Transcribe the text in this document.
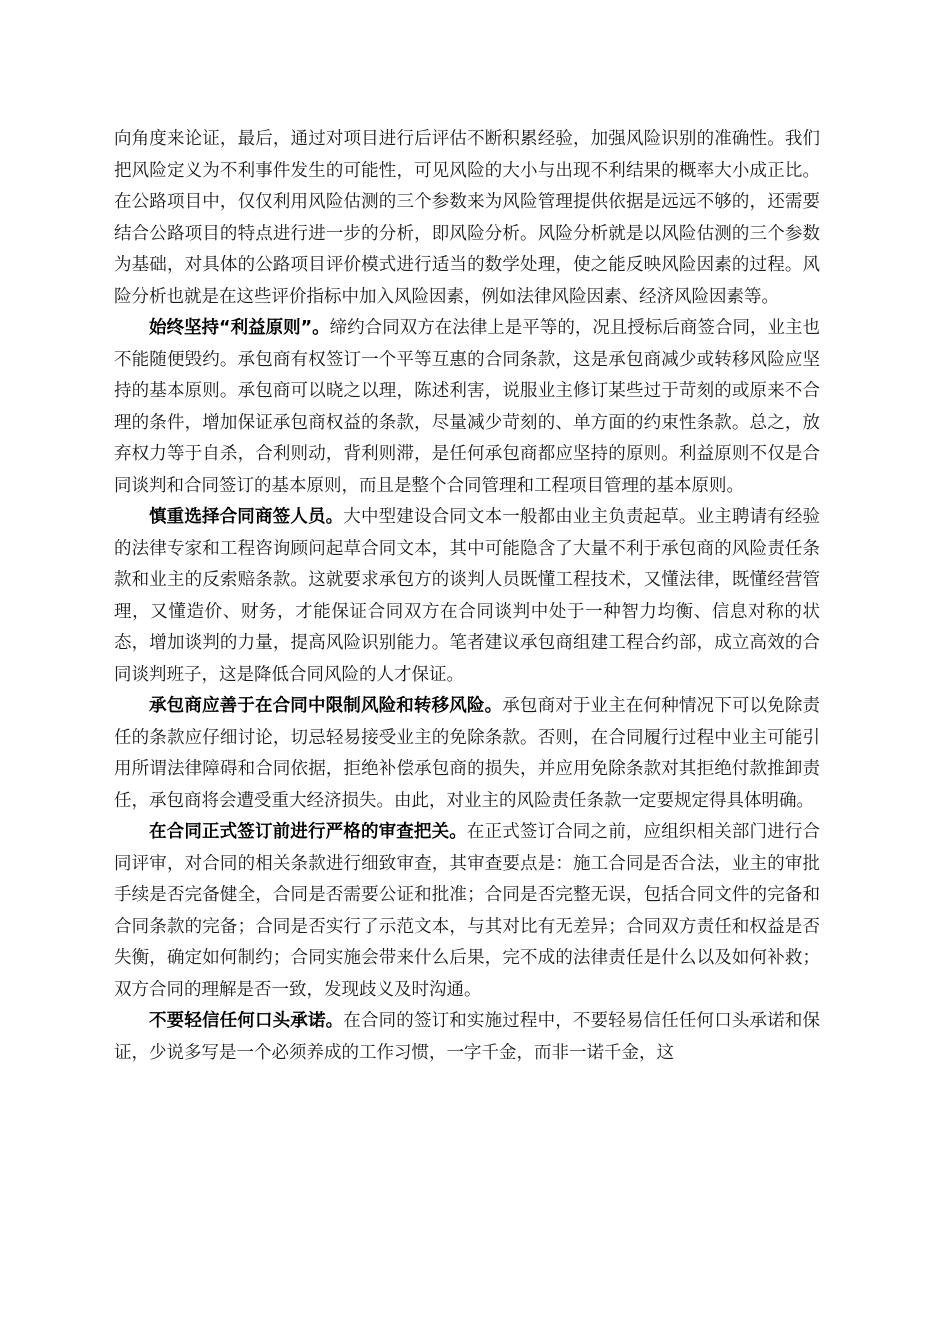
向角度来论证，最后，通过对项目进行后评估不断积累经验，加强风险识别的准确性。我们把风险定义为不利事件发生的可能性，可见风险的大小与出现不利结果的概率大小成正比。在公路项目中，仅仅利用风险估测的三个参数来为风险管理提供依据是远远不够的，还需要结合公路项目的特点进行进一步的分析，即风险分析。风险分析就是以风险估测的三个参数为基础，对具体的公路项目评价模式进行适当的数学处理，使之能反映风险因素的过程。风险分析也就是在这些评价指标中加入风险因素，例如法律风险因素、经济风险因素等。

始终坚持“利益原则”。缔约合同双方在法律上是平等的，况且授标后商签合同，业主也不能随便毁约。承包商有权签订一个平等互惠的合同条款，这是承包商减少或转移风险应坚持的基本原则。承包商可以晓之以理，陈述利害，说服业主修订某些过于苛刻的或原来不合理的条件，增加保证承包商权益的条款，尽量减少苛刻的、单方面的约束性条款。总之，放弃权力等于自杀，合利则动，背利则滞，是任何承包商都应坚持的原则。利益原则不仅是合同谈判和合同签订的基本原则，而且是整个合同管理和工程项目管理的基本原则。

慎重选择合同商签人员。大中型建设合同文本一般都由业主负责起草。业主聘请有经验的法律专家和工程咨询顾问起草合同文本，其中可能隐含了大量不利于承包商的风险责任条款和业主的反索赔条款。这就要求承包方的谈判人员既懂工程技术，又懂法律，既懂经营管理，又懂造价、财务，才能保证合同双方在合同谈判中处于一种智力均衡、信息对称的状态，增加谈判的力量，提高风险识别能力。笔者建议承包商组建工程合约部，成立高效的合同谈判班子，这是降低合同风险的人才保证。

承包商应善于在合同中限制风险和转移风险。承包商对于业主在何种情况下可以免除责任的条款应仔细讨论，切忌轻易接受业主的免除条款。否则，在合同履行过程中业主可能引用所谓法律障碍和合同依据，拒绝补偿承包商的损失，并应用免除条款对其拒绝付款推卸责任，承包商将会遭受重大经济损失。由此，对业主的风险责任条款一定要规定得具体明确。

在合同正式签订前进行严格的审查把关。在正式签订合同之前，应组织相关部门进行合同评审，对合同的相关条款进行细致审查，其审查要点是：施工合同是否合法，业主的审批手续是否完备健全，合同是否需要公证和批准；合同是否完整无误，包括合同文件的完备和合同条款的完备；合同是否实行了示范文本，与其对比有无差异；合同双方责任和权益是否失衡，确定如何制约；合同实施会带来什么后果，完不成的法律责任是什么以及如何补救；双方合同的理解是否一致，发现歧义及时沟通。

不要轻信任何口头承诺。在合同的签订和实施过程中，不要轻易信任任何口头承诺和保证，少说多写是一个必须养成的工作习惯，一字千金，而非一诺千金，这
